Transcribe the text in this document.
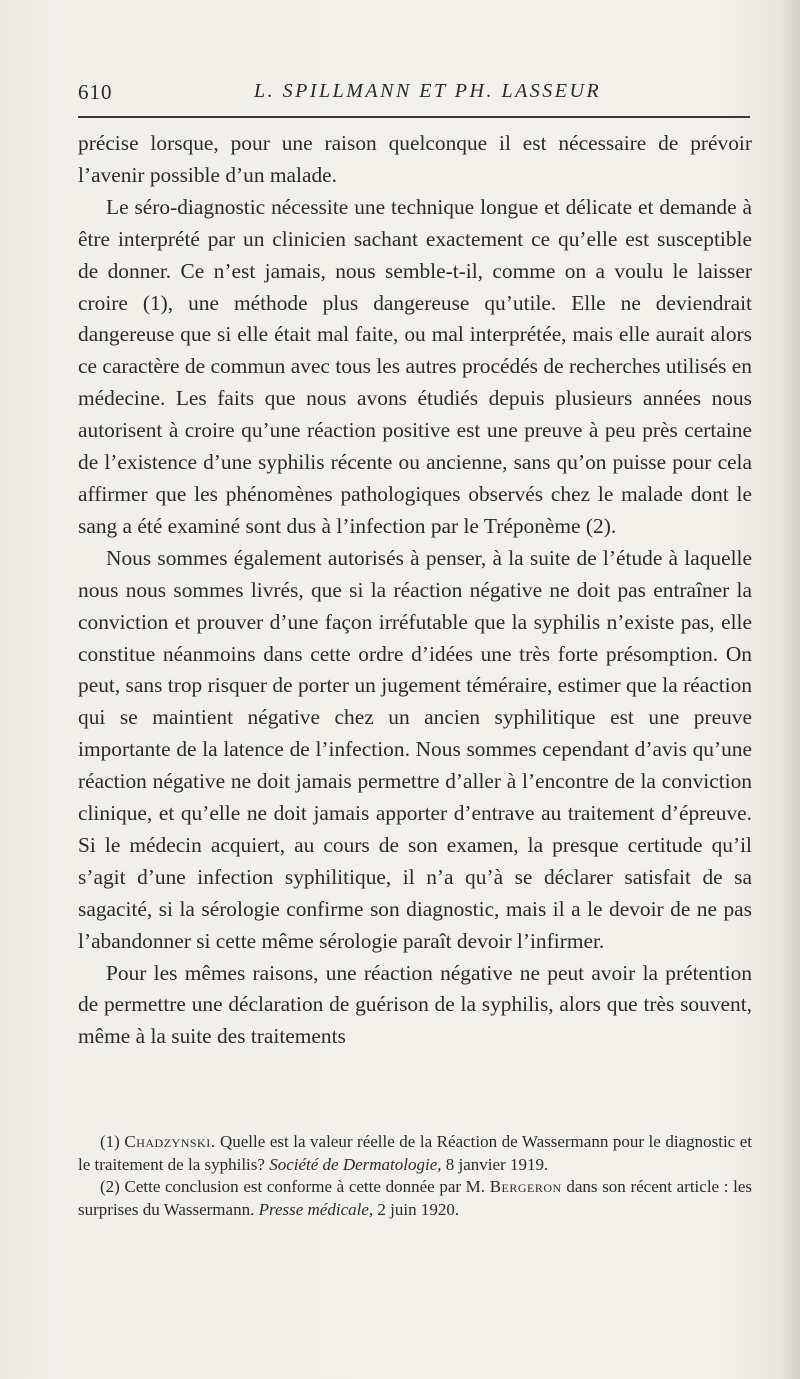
610	L. SPILLMANN ET PH. LASSEUR

précise lorsque, pour une raison quelconque il est nécessaire de prévoir l’avenir possible d’un malade.

Le séro-diagnostic nécessite une technique longue et délicate et demande à être interprété par un clinicien sachant exactement ce qu’elle est susceptible de donner. Ce n’est jamais, nous semble-t-il, comme on a voulu le laisser croire (1), une méthode plus dangereuse qu’utile. Elle ne deviendrait dangereuse que si elle était mal faite, ou mal interprétée, mais elle aurait alors ce caractère de commun avec tous les autres procédés de recherches utilisés en médecine. Les faits que nous avons étudiés depuis plusieurs années nous autorisent à croire qu’une réaction positive est une preuve à peu près certaine de l’existence d’une syphilis récente ou ancienne, sans qu’on puisse pour cela affirmer que les phénomènes pathologiques observés chez le malade dont le sang a été examiné sont dus à l’infection par le Tréponème (2).

Nous sommes également autorisés à penser, à la suite de l’étude à laquelle nous nous sommes livrés, que si la réaction négative ne doit pas entraîner la conviction et prouver d’une façon irréfutable que la syphilis n’existe pas, elle constitue néanmoins dans cette ordre d’idées une très forte présomption. On peut, sans trop risquer de porter un jugement téméraire, estimer que la réaction qui se maintient négative chez un ancien syphilitique est une preuve importante de la latence de l’infection. Nous sommes cependant d’avis qu’une réaction négative ne doit jamais permettre d’aller à l’encontre de la conviction clinique, et qu’elle ne doit jamais apporter d’entrave au traitement d’épreuve. Si le médecin acquiert, au cours de son examen, la presque certitude qu’il s’agit d’une infection syphilitique, il n’a qu’à se déclarer satisfait de sa sagacité, si la sérologie confirme son diagnostic, mais il a le devoir de ne pas l’abandonner si cette même sérologie paraît devoir l’infirmer.

Pour les mêmes raisons, une réaction négative ne peut avoir la prétention de permettre une déclaration de guérison de la syphilis, alors que très souvent, même à la suite des traitements

(1) Chadzynski. Quelle est la valeur réelle de la Réaction de Wassermann pour le diagnostic et le traitement de la syphilis? Société de Dermatologie, 8 janvier 1919.

(2) Cette conclusion est conforme à cette donnée par M. Bergeron dans son récent article : les surprises du Wassermann. Presse médicale, 2 juin 1920.
